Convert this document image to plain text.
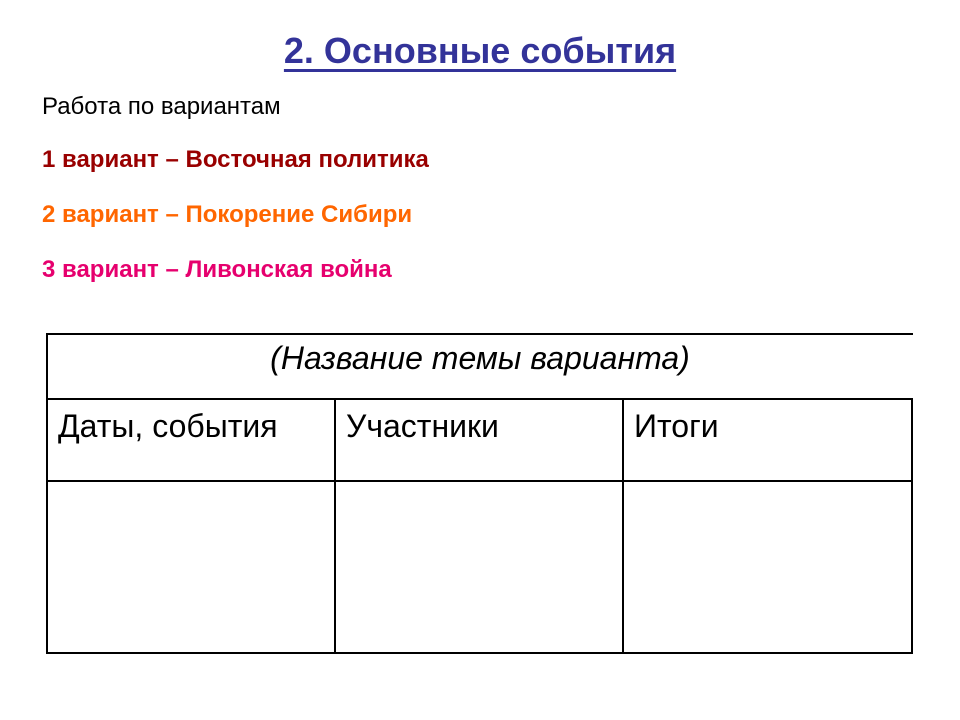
2. Основные события
Работа по вариантам
1 вариант – Восточная политика
2 вариант – Покорение Сибири
3 вариант – Ливонская война
(Название темы варианта)
Даты, события Участники	Итоги
